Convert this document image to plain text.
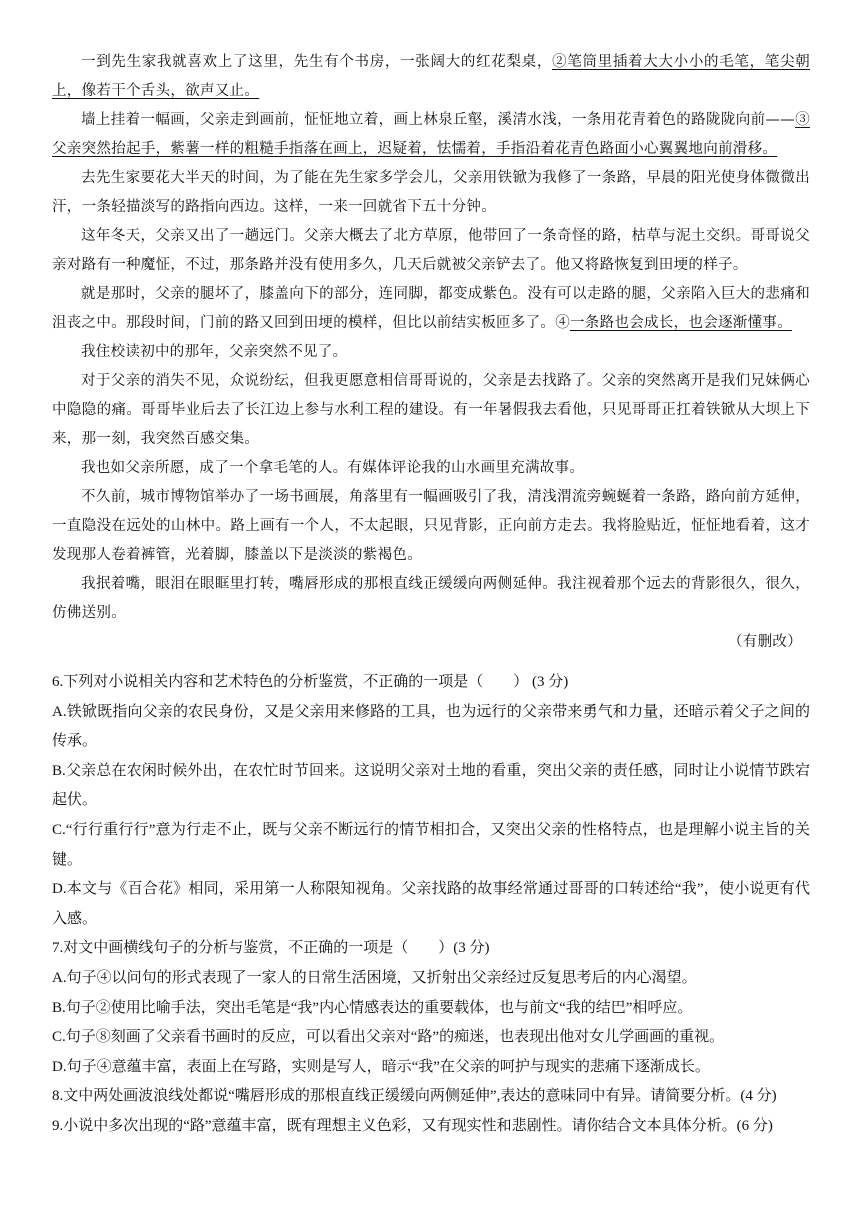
一到先生家我就喜欢上了这里，先生有个书房，一张阔大的红花梨桌，②笔筒里插着大大小小的毛笔，笔尖朝上，像若干个舌头，欲声又止。

墙上挂着一幅画，父亲走到画前，怔怔地立着，画上林泉丘壑，溪清水浅，一条用花青着色的路陇陇向前——③父亲突然抬起手，紫薯一样的粗糙手指落在画上，迟疑着，怯懦着，手指沿着花青色路面小心翼翼地向前滑移。

去先生家要花大半天的时间，为了能在先生家多学会儿，父亲用铁锨为我修了一条路，早晨的阳光使身体微微出汗，一条轻描淡写的路指向西边。这样，一来一回就省下五十分钟。

这年冬天，父亲又出了一趟远门。父亲大概去了北方草原，他带回了一条奇怪的路，枯草与泥土交织。哥哥说父亲对路有一种魔怔，不过，那条路并没有使用多久，几天后就被父亲铲去了。他又将路恢复到田埂的样子。

就是那时，父亲的腿坏了，膝盖向下的部分，连同脚，都变成紫色。没有可以走路的腿，父亲陷入巨大的悲痛和沮丧之中。那段时间，门前的路又回到田埂的模样，但比以前结实板匝多了。④一条路也会成长，也会逐渐懂事。

我住校读初中的那年，父亲突然不见了。

对于父亲的消失不见，众说纷纭，但我更愿意相信哥哥说的，父亲是去找路了。父亲的突然离开是我们兄妹俩心中隐隐的痛。哥哥毕业后去了长江边上参与水利工程的建设。有一年暑假我去看他，只见哥哥正扛着铁锨从大坝上下来，那一刻，我突然百感交集。

我也如父亲所愿，成了一个拿毛笔的人。有媒体评论我的山水画里充满故事。

不久前，城市博物馆举办了一场书画展，角落里有一幅画吸引了我，清浅渭流旁蜿蜒着一条路，路向前方延伸，一直隐没在远处的山林中。路上画有一个人，不太起眼，只见背影，正向前方走去。我将脸贴近，怔怔地看着，这才发现那人卷着裤管，光着脚，膝盖以下是淡淡的紫褐色。

我抿着嘴，眼泪在眼眶里打转，嘴唇形成的那根直线正缓缓向两侧延伸。我注视着那个远去的背影很久，很久，仿佛送别。

（有删改）

6.下列对小说相关内容和艺术特色的分析鉴赏，不正确的一项是（　　） (3 分)

A.铁锨既指向父亲的农民身份，又是父亲用来修路的工具，也为远行的父亲带来勇气和力量，还暗示着父子之间的传承。

B.父亲总在农闲时候外出，在农忙时节回来。这说明父亲对土地的看重，突出父亲的责任感，同时让小说情节跌宕起伏。

C.“行行重行行”意为行走不止，既与父亲不断远行的情节相扣合，又突出父亲的性格特点，也是理解小说主旨的关键。

D.本文与《百合花》相同，采用第一人称限知视角。父亲找路的故事经常通过哥哥的口转述给“我”，使小说更有代入感。

7.对文中画横线句子的分析与鉴赏，不正确的一项是（　　）(3 分)

A.句子④以问句的形式表现了一家人的日常生活困境，又折射出父亲经过反复思考后的内心渴望。

B.句子②使用比喻手法，突出毛笔是“我”内心情感表达的重要载体，也与前文“我的结巴”相呼应。

C.句子⑧刻画了父亲看书画时的反应，可以看出父亲对“路”的痴迷，也表现出他对女儿学画画的重视。

D.句子④意蕴丰富，表面上在写路，实则是写人，暗示“我”在父亲的呵护与现实的悲痛下逐渐成长。

8.文中两处画波浪线处都说“嘴唇形成的那根直线正缓缓向两侧延伸”,表达的意味同中有异。请简要分析。(4 分)

9.小说中多次出现的“路”意蕴丰富，既有理想主义色彩，又有现实性和悲剧性。请你结合文本具体分析。(6 分)
